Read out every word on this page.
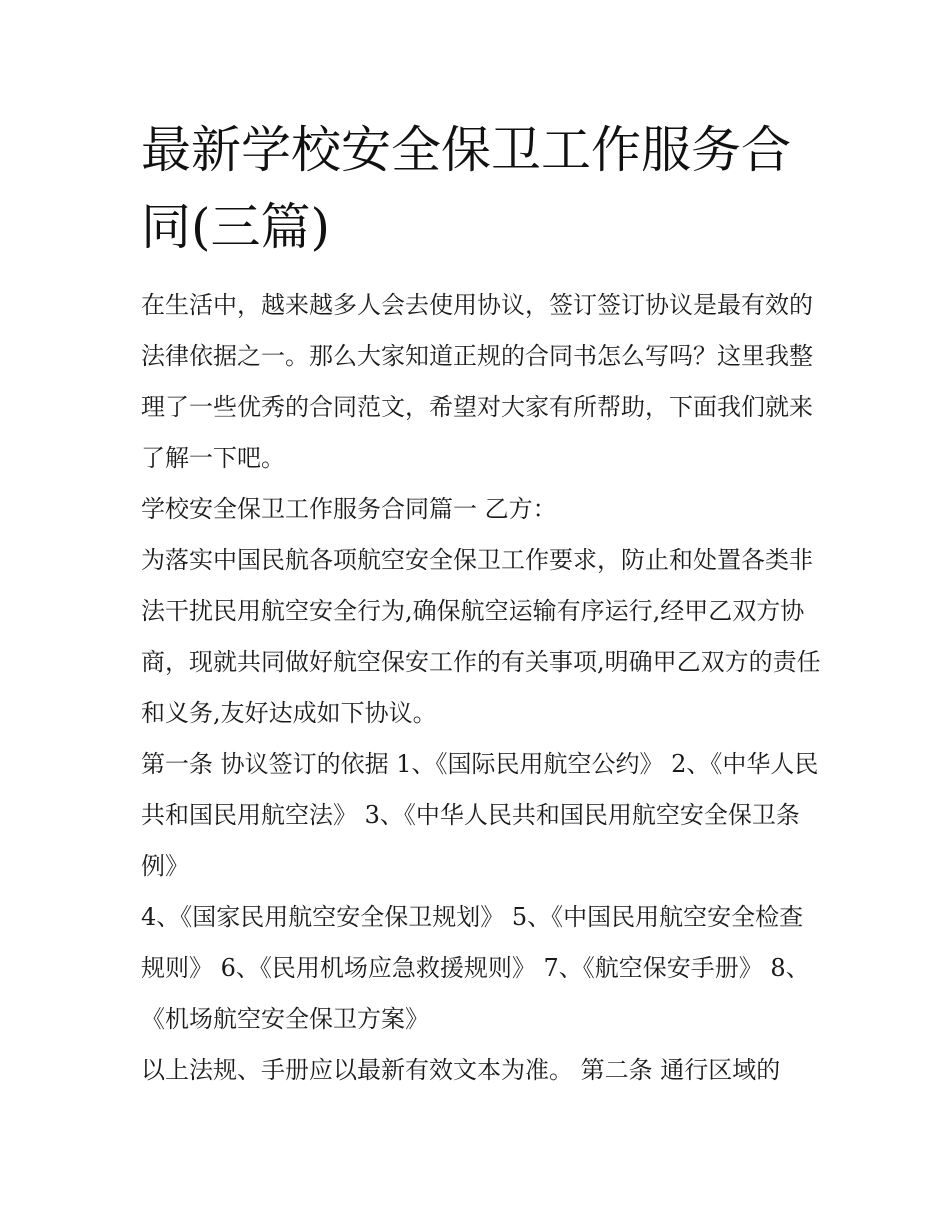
最新学校安全保卫工作服务合同(三篇)

在生活中，越来越多人会去使用协议，签订签订协议是最有效的法律依据之一。那么大家知道正规的合同书怎么写吗？这里我整理了一些优秀的合同范文，希望对大家有所帮助，下面我们就来了解一下吧。

学校安全保卫工作服务合同篇一 乙方：

为落实中国民航各项航空安全保卫工作要求，防止和处置各类非法干扰民用航空安全行为,确保航空运输有序运行,经甲乙双方协商，现就共同做好航空保安工作的有关事项,明确甲乙双方的责任和义务,友好达成如下协议。

第一条 协议签订的依据 1、《国际民用航空公约》 2、《中华人民共和国民用航空法》 3、《中华人民共和国民用航空安全保卫条例》

4、《国家民用航空安全保卫规划》 5、《中国民用航空安全检查规则》 6、《民用机场应急救援规则》 7、《航空保安手册》 8、《机场航空安全保卫方案》

以上法规、手册应以最新有效文本为准。 第二条 通行区域的
